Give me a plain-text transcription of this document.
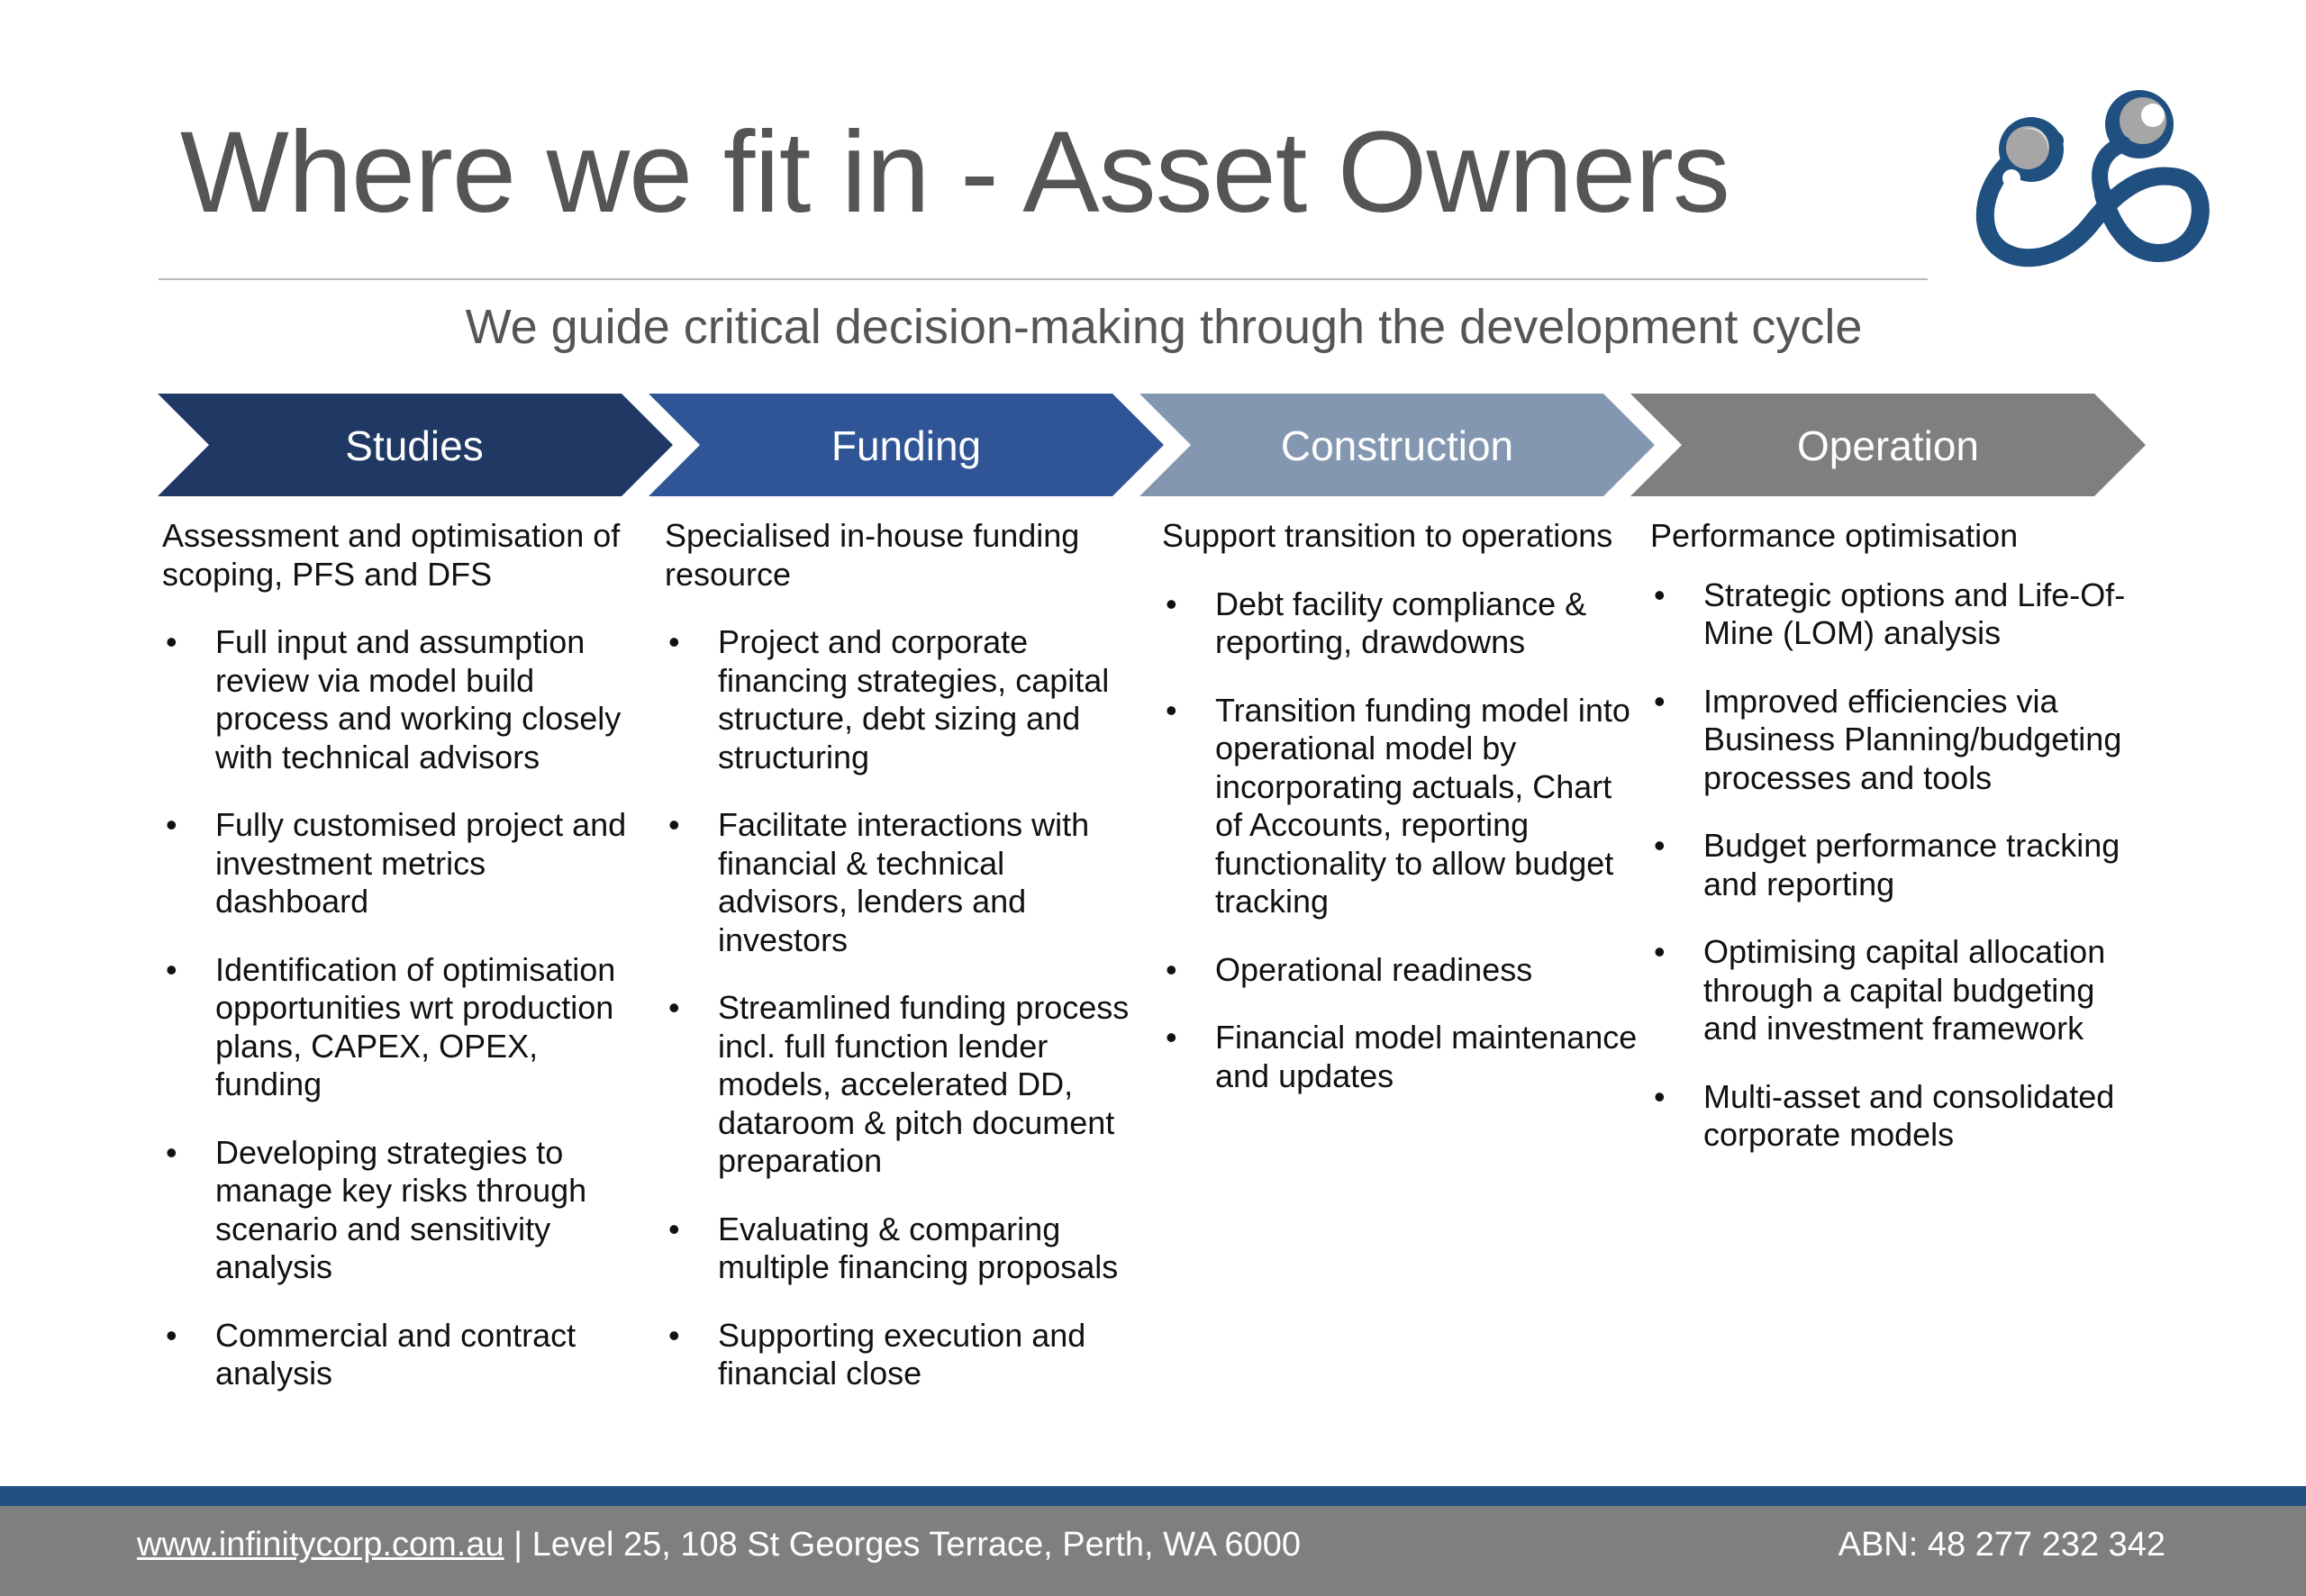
Where we fit in - Asset Owners
We guide critical decision-making through the development cycle
Studies	Funding	Construction	Operation

Assessment and optimisation of scoping, PFS and DFS

• Full input and assumption review via model build process and working closely with technical advisors
• Fully customised project and investment metrics dashboard
• Identification of optimisation opportunities wrt production plans, CAPEX, OPEX, funding
• Developing strategies to manage key risks through scenario and sensitivity analysis
• Commercial and contract analysis

Specialised in-house funding resource

• Project and corporate financing strategies, capital structure, debt sizing and structuring
• Facilitate interactions with financial & technical advisors, lenders and investors
• Streamlined funding process incl. full function lender models, accelerated DD, dataroom & pitch document preparation
• Evaluating & comparing multiple financing proposals
• Supporting execution and financial close

Support transition to operations

• Debt facility compliance & reporting, drawdowns
• Transition funding model into operational model by incorporating actuals, Chart of Accounts, reporting functionality to allow budget tracking
• Operational readiness
• Financial model maintenance and updates

Performance optimisation

• Strategic options and Life-Of-Mine (LOM) analysis
• Improved efficiencies via Business Planning/budgeting processes and tools
• Budget performance tracking and reporting
• Optimising capital allocation through a capital budgeting and investment framework
• Multi-asset and consolidated corporate models
www.infinitycorp.com.au | Level 25, 108 St Georges Terrace, Perth, WA 6000	ABN: 48 277 232 342
